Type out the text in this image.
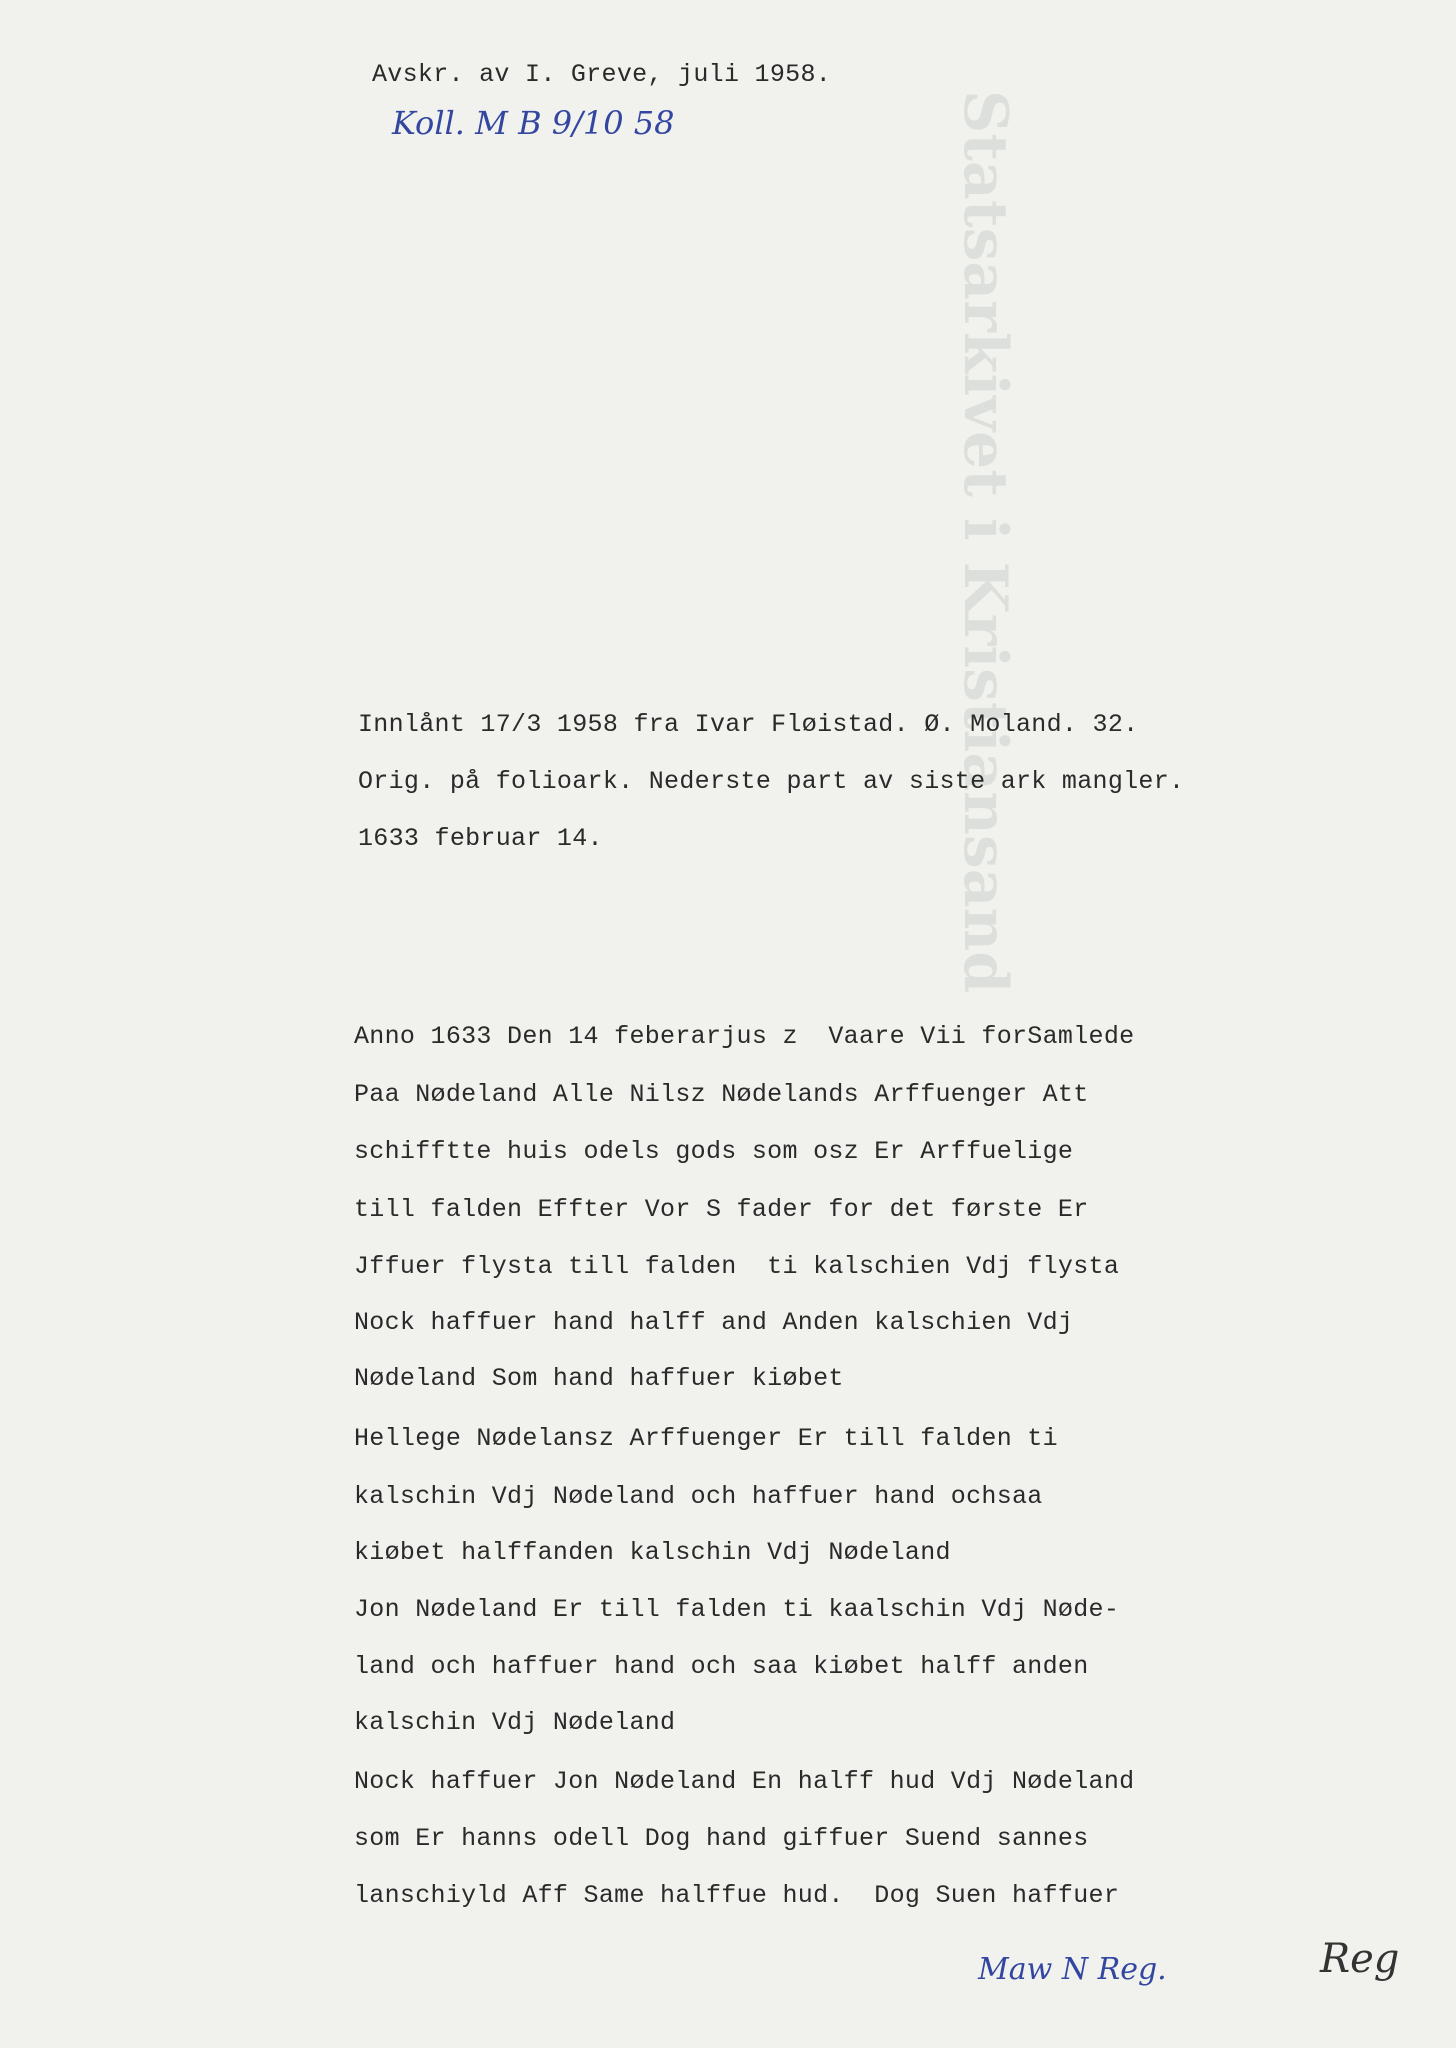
Statsarkivet i Kristiansand
Avskr. av I. Greve, juli 1958.
Koll. M B 9/10 58
Innlånt 17/3 1958 fra Ivar Fløistad. Ø. Moland. 32.
Orig. på folioark. Nederste part av siste ark mangler.
1633 februar 14.
Anno 1633 Den 14 feberarjus z  Vaare Vii forSamlede
Paa Nødeland Alle Nilsz Nødelands Arffuenger Att
schifftte huis odels gods som osz Er Arffuelige
till falden Effter Vor S fader for det første Er
Jffuer flysta till falden  ti kalschien Vdj flysta
Nock haffuer hand halff and Anden kalschien Vdj
Nødeland Som hand haffuer kiøbet
Hellege Nødelansz Arffuenger Er till falden ti
kalschin Vdj Nødeland och haffuer hand ochsaa
kiøbet halffanden kalschin Vdj Nødeland
Jon Nødeland Er till falden ti kaalschin Vdj Nøde-
land och haffuer hand och saa kiøbet halff anden
kalschin Vdj Nødeland
Nock haffuer Jon Nødeland En halff hud Vdj Nødeland
som Er hanns odell Dog hand giffuer Suend sannes
lanschiyld Aff Same halffue hud.  Dog Suen haffuer
Maw N Reg.	Reg
